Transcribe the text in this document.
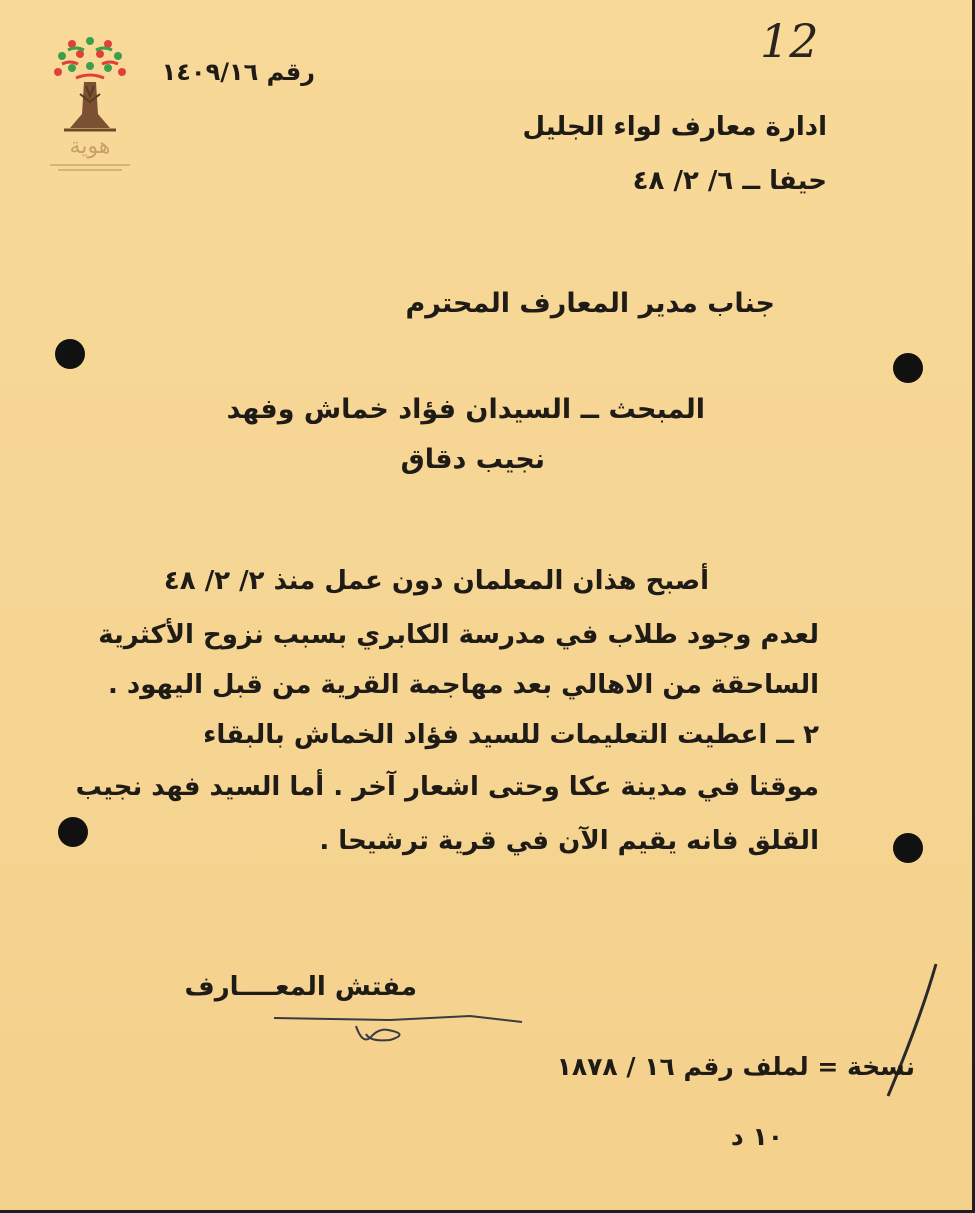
هوية
12
رقم ١٤٠٩/١٦
ادارة معارف لواء الجليل
حيفا ــ ٦/ ٢/ ٤٨
جناب مدير المعارف المحترم
المبحث ــ السيدان فؤاد خماش وفهد
نجيب دقاق
أصبح هذان المعلمان دون عمل منذ ٢/ ٢/ ٤٨
لعدم وجود طلاب في مدرسة الكابري بسبب نزوح الأكثرية
الساحقة من الاهالي بعد مهاجمة القرية من قبل اليهود .
٢ ــ اعطيت التعليمات للسيد فؤاد الخماش بالبقاء
موقتا في مدينة عكا وحتى اشعار آخر . أما السيد فهد نجيب
القلق فانه يقيم الآن في قرية ترشيحا .
مفتش المعــــارف
نسخة = لملف رقم ١٦ / ١٨٧٨
١٠ د
